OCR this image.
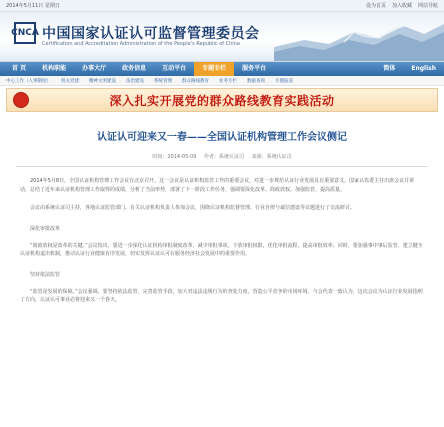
2014年5月11日 星期日	设为首页 加入收藏 网站导航
CNCA 中国国家认证认可监督管理委员会
Certification and Accreditation Administration of the People's Republic of China
首 页	机构职能	办事大厅	政务信息	互动平台	专题专栏	服务平台	简体	English
中心工作（人事制度） 机关党建 精神文明建设 法治建设 系统管理 群众路线教育 业务专栏 数据查询 专题报道
深入扎实开展党的群众路线教育实践活动
认证认可迎来又一春——全国认证机构管理工作会议侧记
时间：2014-05-09 作者：系统认证司 来源：系统认证司

2014年5月8日，全国认证机构管理工作会议在北京召开。这一会议是认证机构监管工作的重要会议，对进一步规范认证行业发展具有重要意义。国家认监委主任出席会议并讲话，总结了近年来认证机构管理工作取得的成绩，分析了当前形势，部署了下一阶段工作任务，强调要深化改革、简政放权、加强监管、提高质量。

会议由系统认证司主持，各地认证监管部门、有关认证机构负责人参加会议，围绕认证机构监督管理、行业自律与诚信建设等议题进行了交流研讨。

深化审批改革

“简政放权是改革的关键。”会议指出，要进一步深化认证机构审批制度改革，减少审批事项，下放审批权限，优化审批流程，提高审批效率。同时，要加强事中事后监管，建立健全认证机构退出机制，推动认证行业健康有序发展，切实发挥认证认可在服务经济社会发展中的重要作用。

坚持依法监管

“监管是发展的保障。”会议强调，要坚持依法监管，完善监管手段，加大对违法违规行为的查处力度，营造公平竞争的市场环境。与会代表一致认为，这次会议为认证行业发展指明了方向，认证认可事业必将迎来又一个春天。
